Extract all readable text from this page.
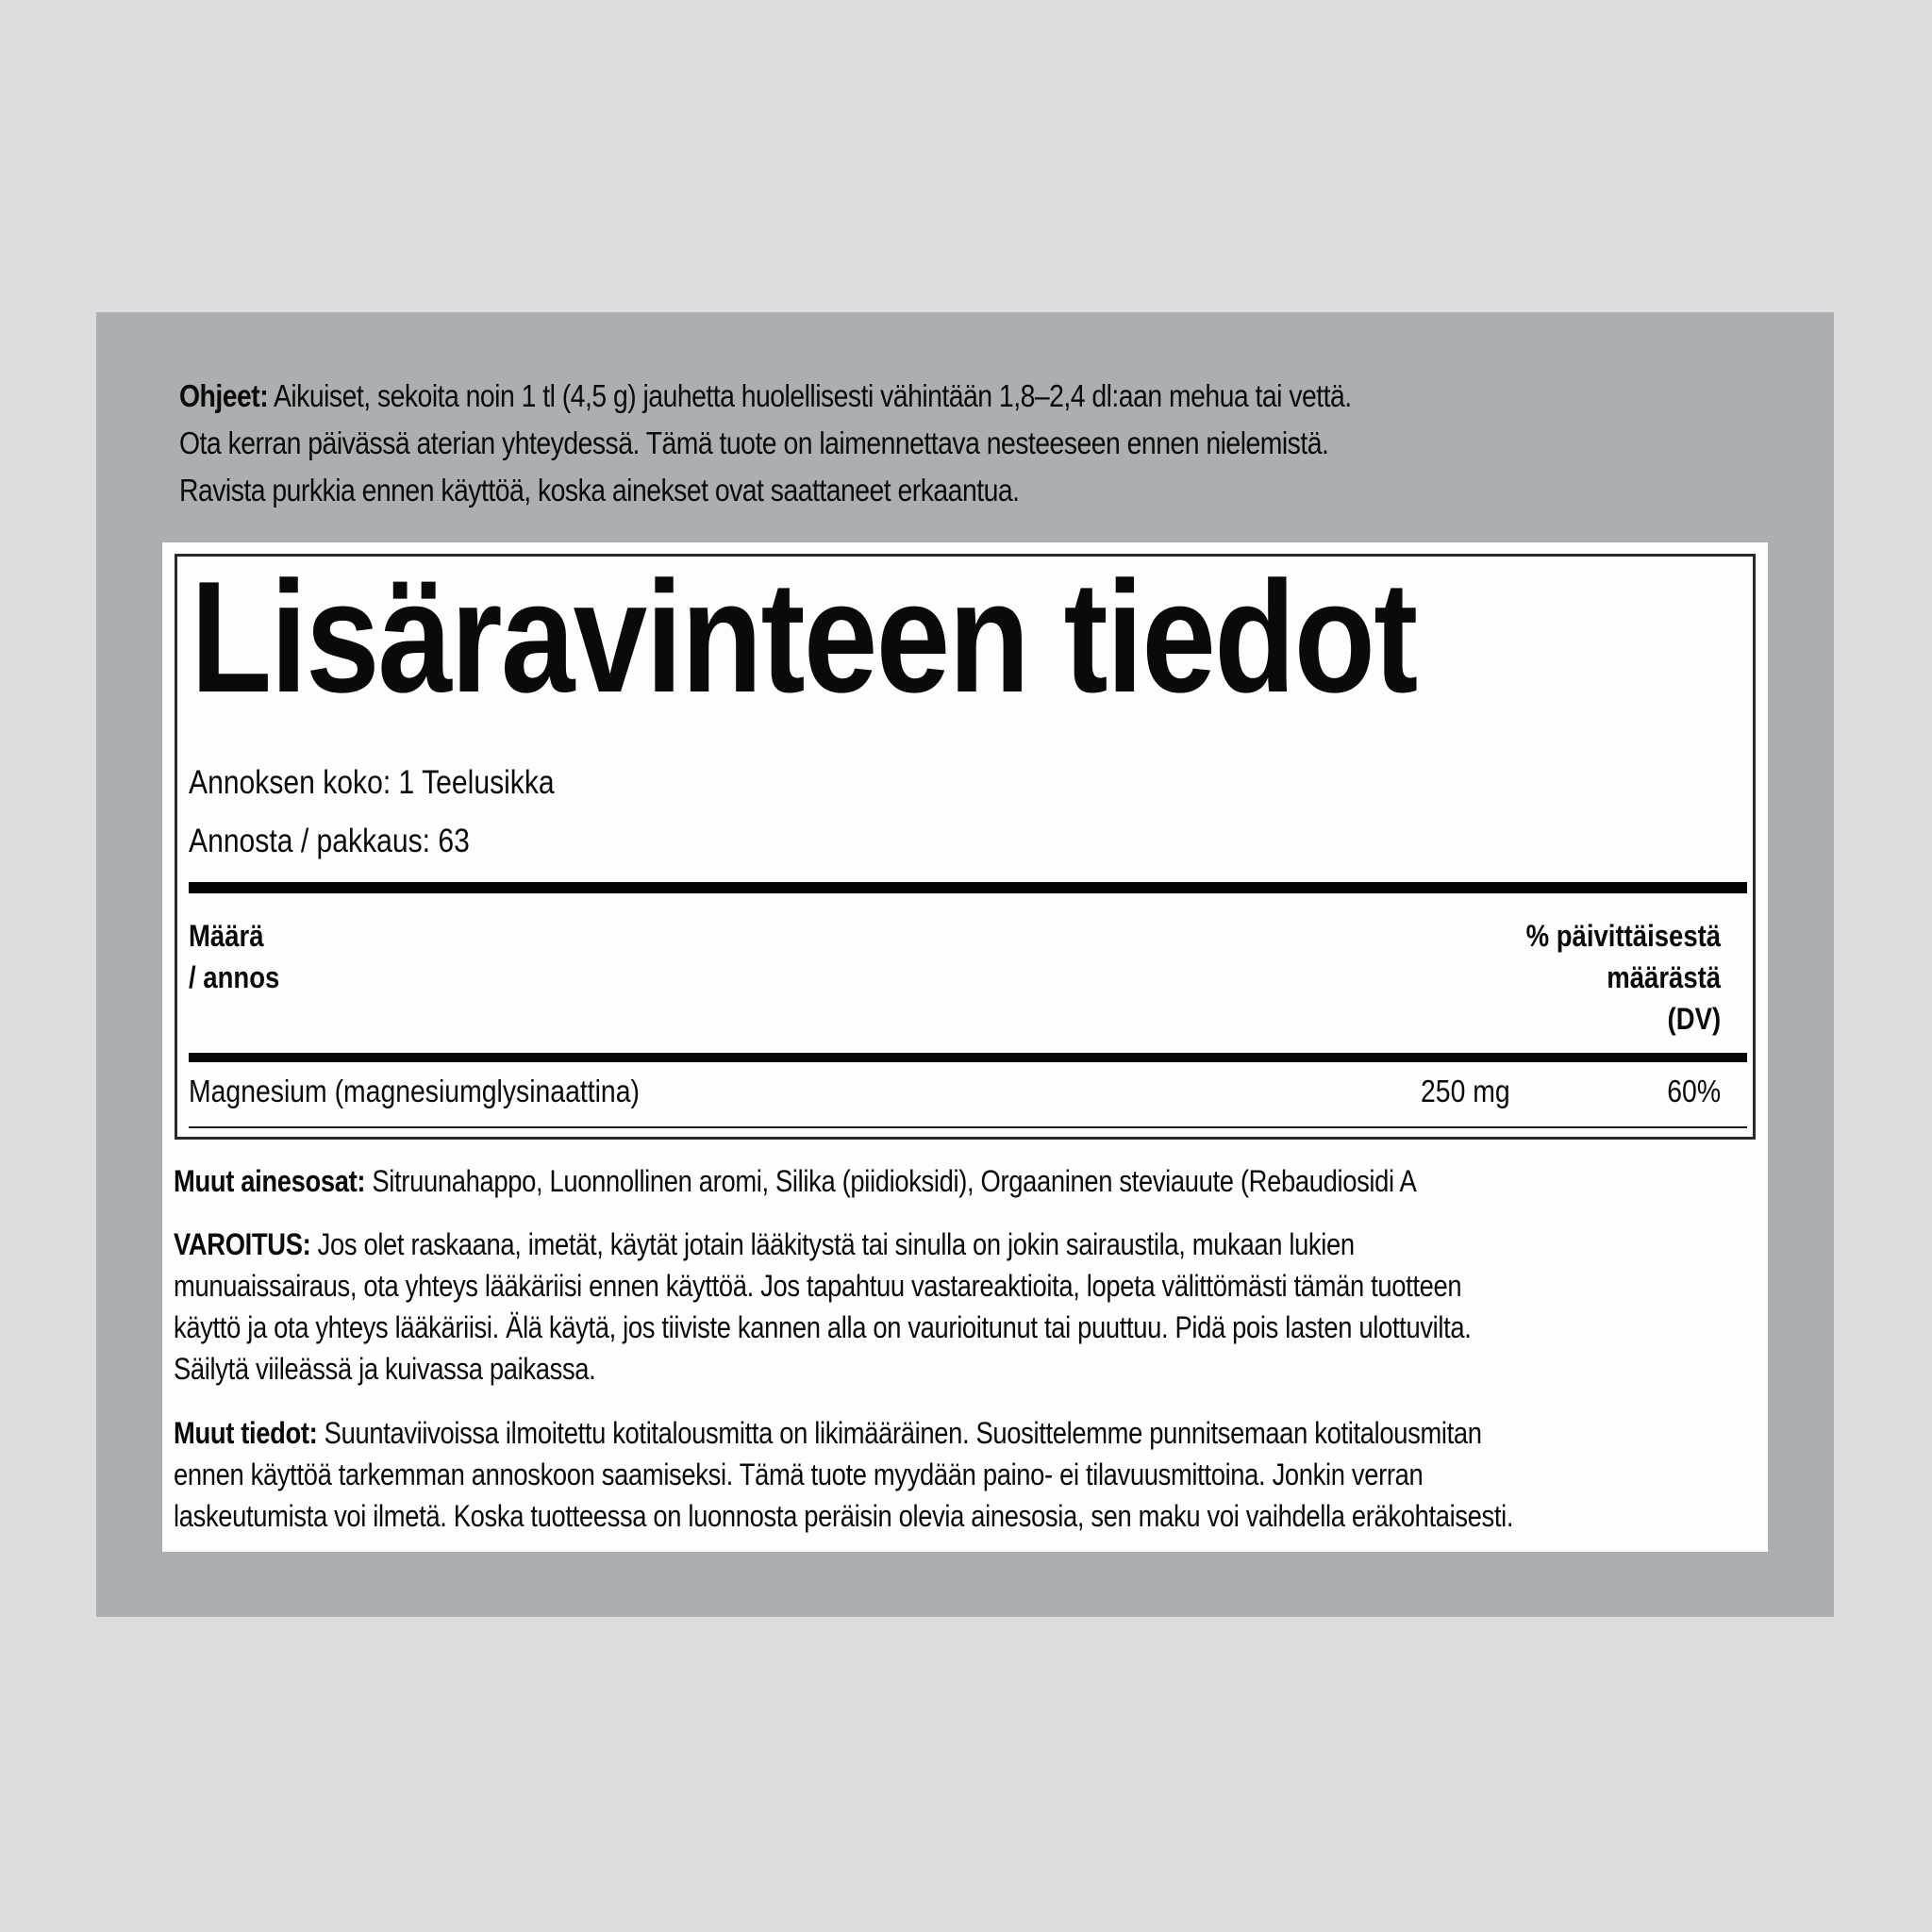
Ohjeet: Aikuiset, sekoita noin 1 tl (4,5 g) jauhetta huolellisesti vähintään 1,8–2,4 dl:aan mehua tai vettä.
Ota kerran päivässä aterian yhteydessä. Tämä tuote on laimennettava nesteeseen ennen nielemistä.
Ravista purkkia ennen käyttöä, koska ainekset ovat saattaneet erkaantua.
Lisäravinteen tiedot
Annoksen koko: 1 Teelusikka
Annosta / pakkaus: 63
Määrä
/ annos
% päivittäisestä
määrästä
(DV)
Magnesium (magnesiumglysinaattina)	250 mg	60%
Muut ainesosat: Sitruunahappo, Luonnollinen aromi, Silika (piidioksidi), Orgaaninen steviauute (Rebaudiosidi A
VAROITUS: Jos olet raskaana, imetät, käytät jotain lääkitystä tai sinulla on jokin sairaustila, mukaan lukien
munuaissairaus, ota yhteys lääkäriisi ennen käyttöä. Jos tapahtuu vastareaktioita, lopeta välittömästi tämän tuotteen
käyttö ja ota yhteys lääkäriisi. Älä käytä, jos tiiviste kannen alla on vaurioitunut tai puuttuu. Pidä pois lasten ulottuvilta.
Säilytä viileässä ja kuivassa paikassa.
Muut tiedot: Suuntaviivoissa ilmoitettu kotitalousmitta on likimääräinen. Suosittelemme punnitsemaan kotitalousmitan
ennen käyttöä tarkemman annoskoon saamiseksi. Tämä tuote myydään paino- ei tilavuusmittoina. Jonkin verran
laskeutumista voi ilmetä. Koska tuotteessa on luonnosta peräisin olevia ainesosia, sen maku voi vaihdella eräkohtaisesti.
